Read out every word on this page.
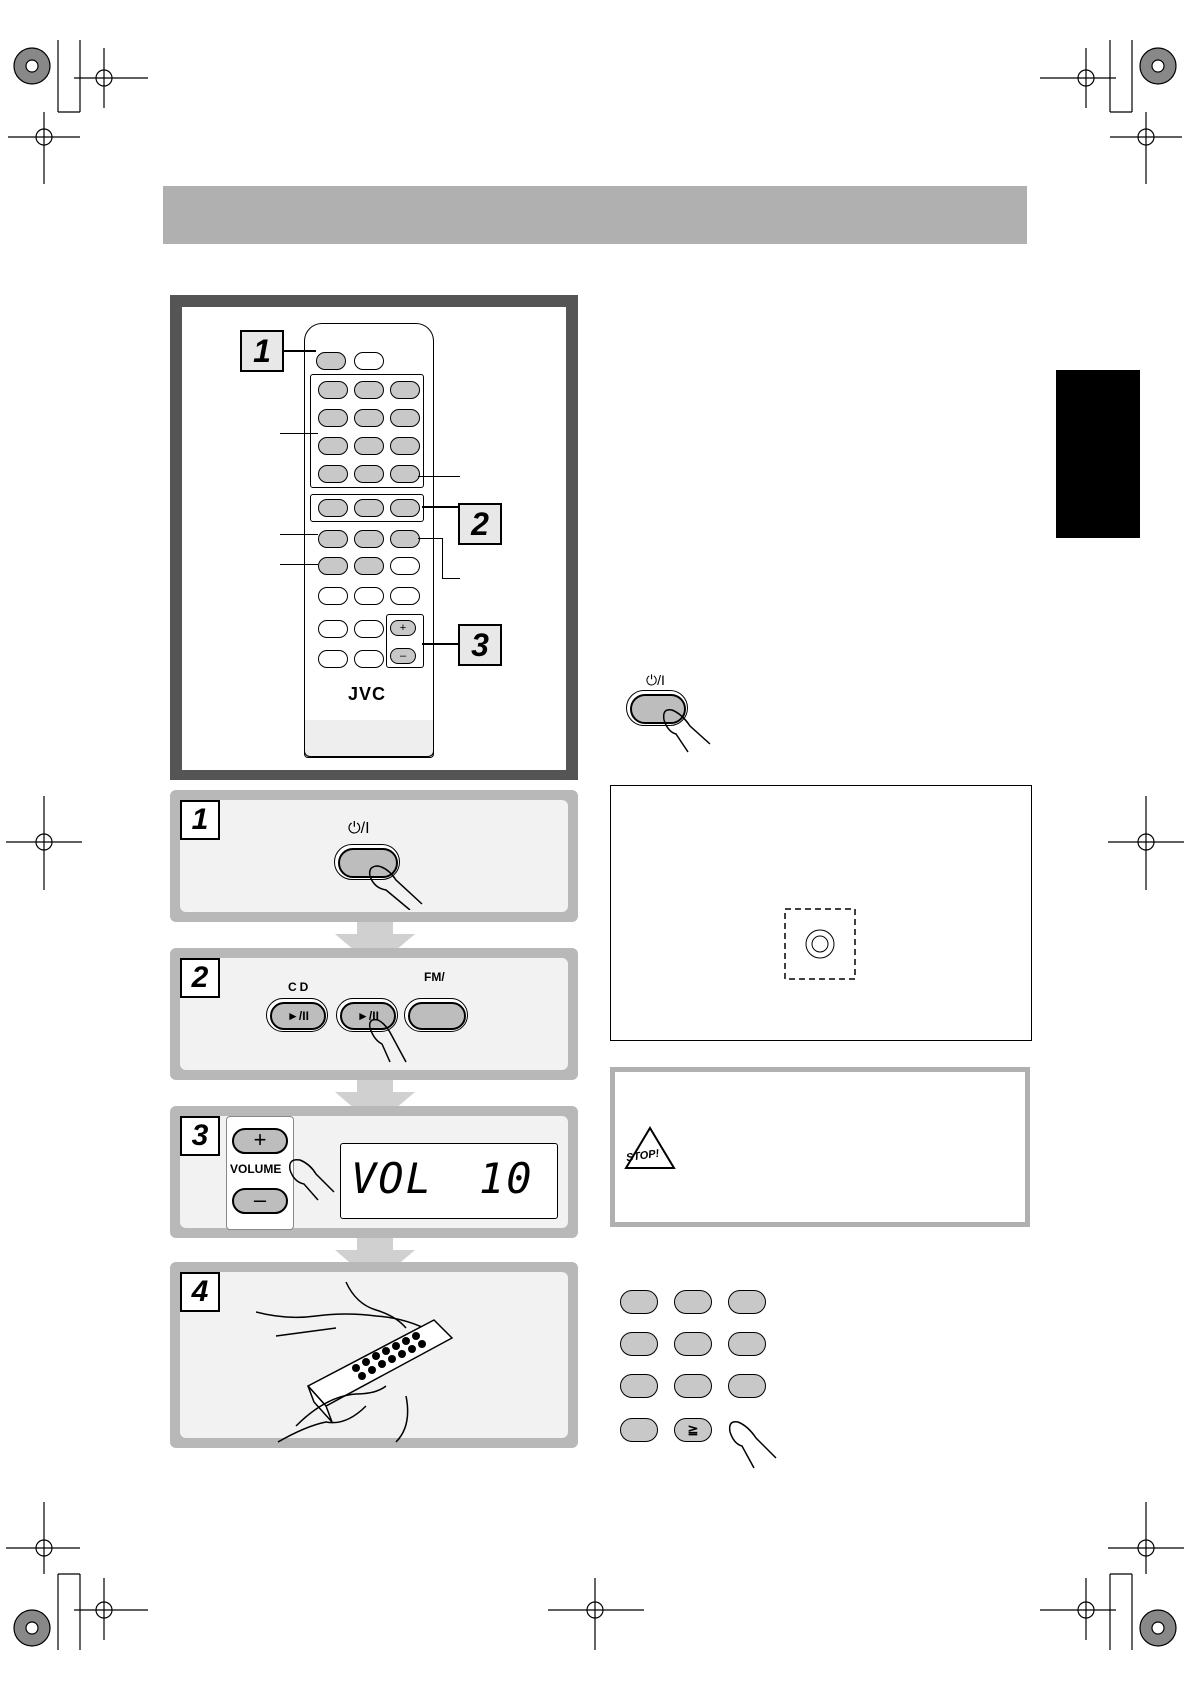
+
–
JVC
1
2
3
1	⏻/I
2	CD
FM/
►/II	►/II
3	+
VOLUME
–	VOL 10
4
⏻/I
STOP!
≧
